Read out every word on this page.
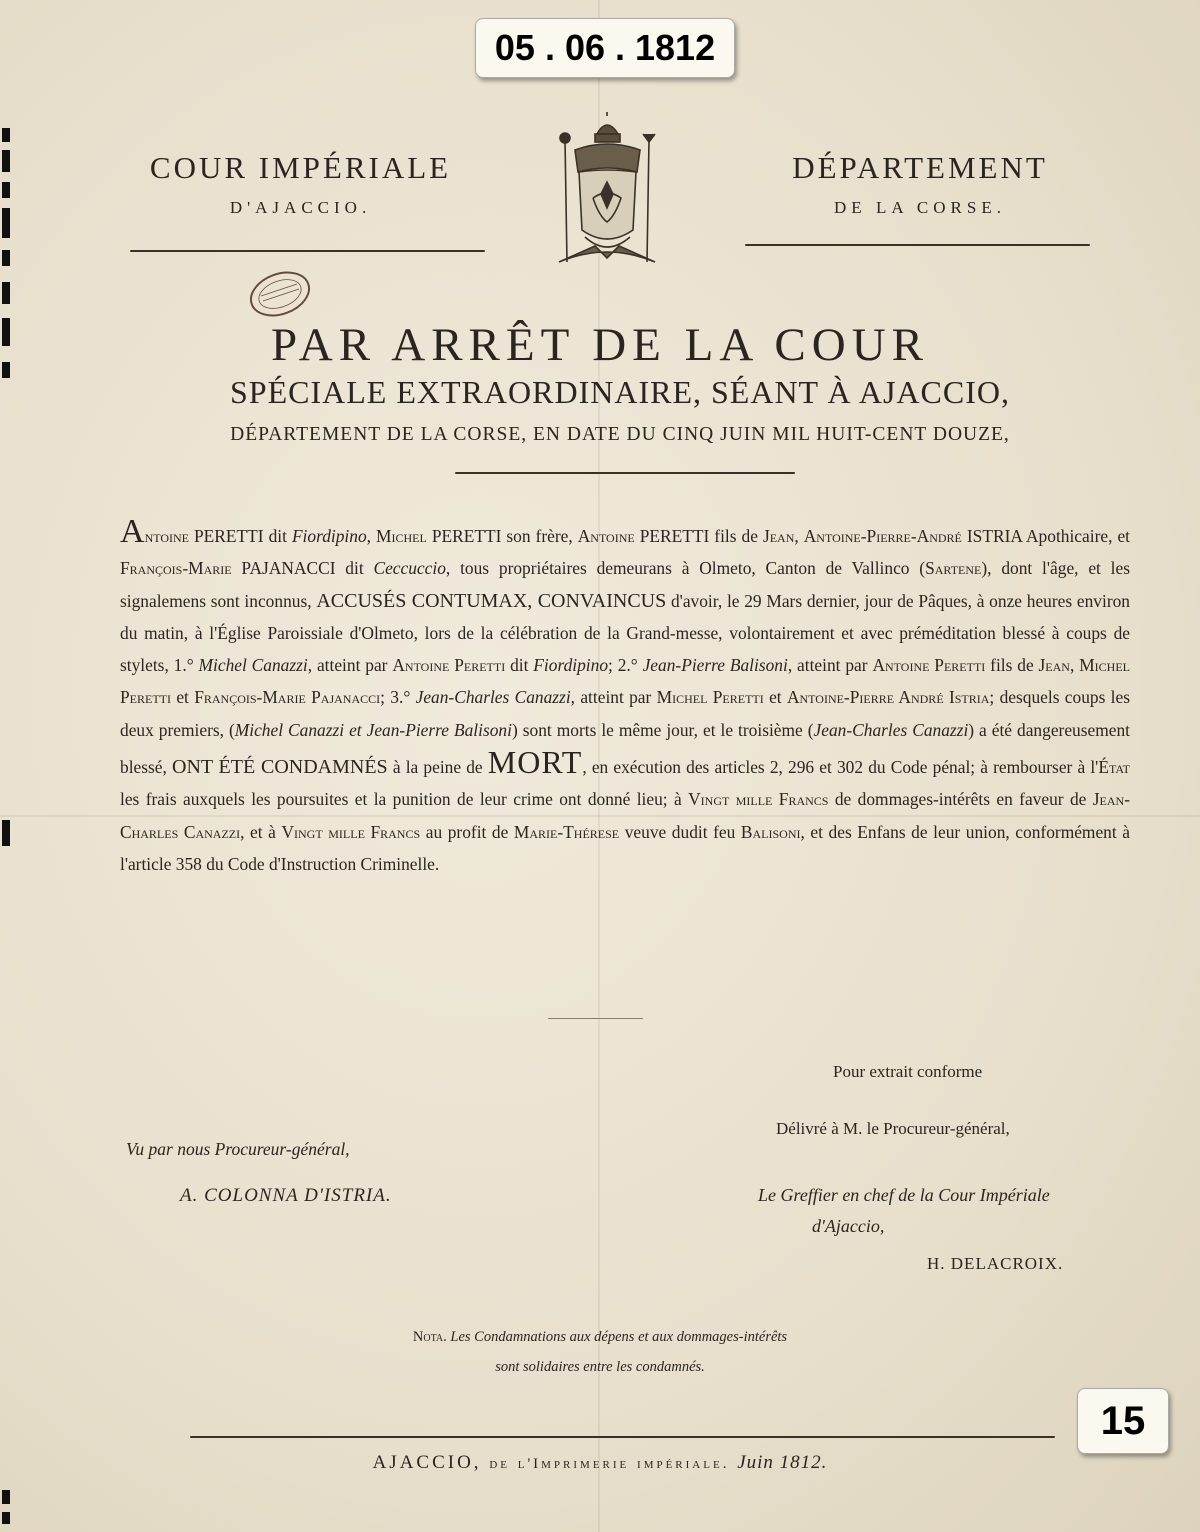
05 . 06 . 1812
COUR IMPÉRIALE
D'AJACCIO.
DÉPARTEMENT
DE LA CORSE.
PAR ARRÊT DE LA COUR
SPÉCIALE EXTRAORDINAIRE, SÉANT À AJACCIO,
DÉPARTEMENT DE LA CORSE, EN DATE DU CINQ JUIN MIL HUIT-CENT DOUZE,
Antoine PERETTI dit Fiordipino, Michel PERETTI son frère, Antoine PERETTI fils de Jean, Antoine-Pierre-André ISTRIA Apothicaire, et François-Marie PAJANACCI dit Ceccuccio, tous propriétaires demeurans à Olmeto, Canton de Vallinco (Sartene), dont l'âge, et les signalemens sont inconnus, ACCUSÉS CONTUMAX, CONVAINCUS d'avoir, le 29 Mars dernier, jour de Pâques, à onze heures environ du matin, à l'Église Paroissiale d'Olmeto, lors de la célébration de la Grand-messe, volontairement et avec préméditation blessé à coups de stylets, 1.° Michel Canazzi, atteint par Antoine Peretti dit Fiordipino; 2.° Jean-Pierre Balisoni, atteint par Antoine Peretti fils de Jean, Michel Peretti et François-Marie Pajanacci; 3.° Jean-Charles Canazzi, atteint par Michel Peretti et Antoine-Pierre André Istria; desquels coups les deux premiers, (Michel Canazzi et Jean-Pierre Balisoni) sont morts le même jour, et le troisième (Jean-Charles Canazzi) a été dangereusement blessé, ONT ÉTÉ CONDAMNÉS à la peine de MORT, en exécution des articles 2, 296 et 302 du Code pénal; à rembourser à l'État les frais auxquels les poursuites et la punition de leur crime ont donné lieu; à Vingt mille Francs de dommages-intérêts en faveur de Jean-Charles Canazzi, et à Vingt mille Francs au profit de Marie-Thérese veuve dudit feu Balisoni, et des Enfans de leur union, conformément à l'article 358 du Code d'Instruction Criminelle.
Pour extrait conforme
Délivré à M. le Procureur-général,
Vu par nous Procureur-général,
A. COLONNA D'ISTRIA.	Le Greffier en chef de la Cour Impériale
d'Ajaccio,
H. DELACROIX.
Nota. Les Condamnations aux dépens et aux dommages-intérêts
sont solidaires entre les condamnés.
15
AJACCIO, de l'Imprimerie impériale. Juin 1812.
